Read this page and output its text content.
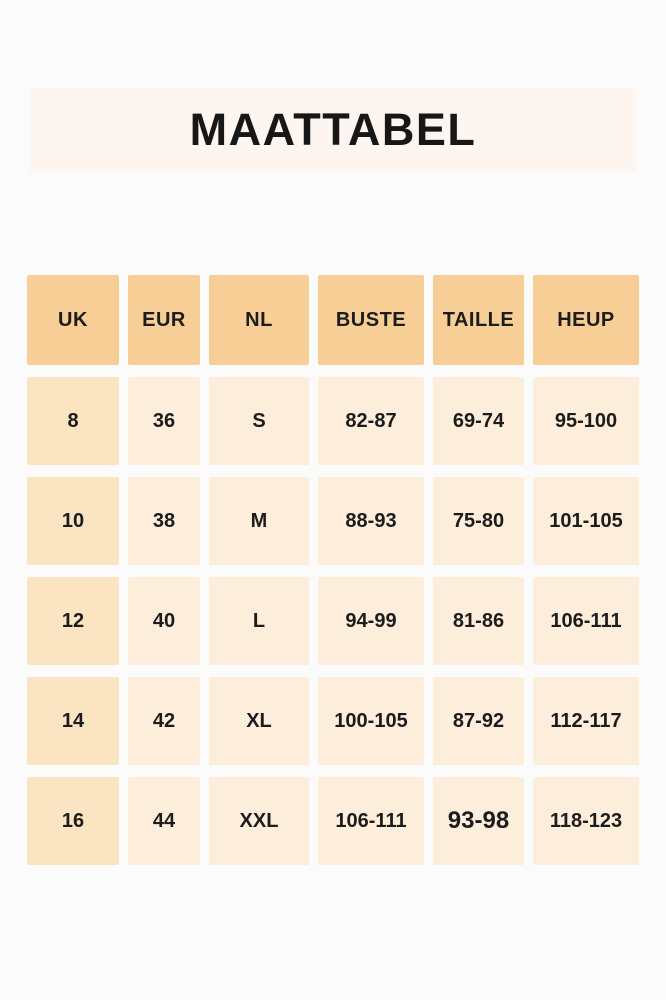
MAATTABEL
UK	EUR	NL	BUSTE	TAILLE	HEUP
8	36	S	82-87	69-74	95-100
10	38	M	88-93	75-80	101-105
12	40	L	94-99	81-86	106-111
14	42	XL	100-105	87-92	112-117
16	44	XXL	106-111	93-98	118-123
